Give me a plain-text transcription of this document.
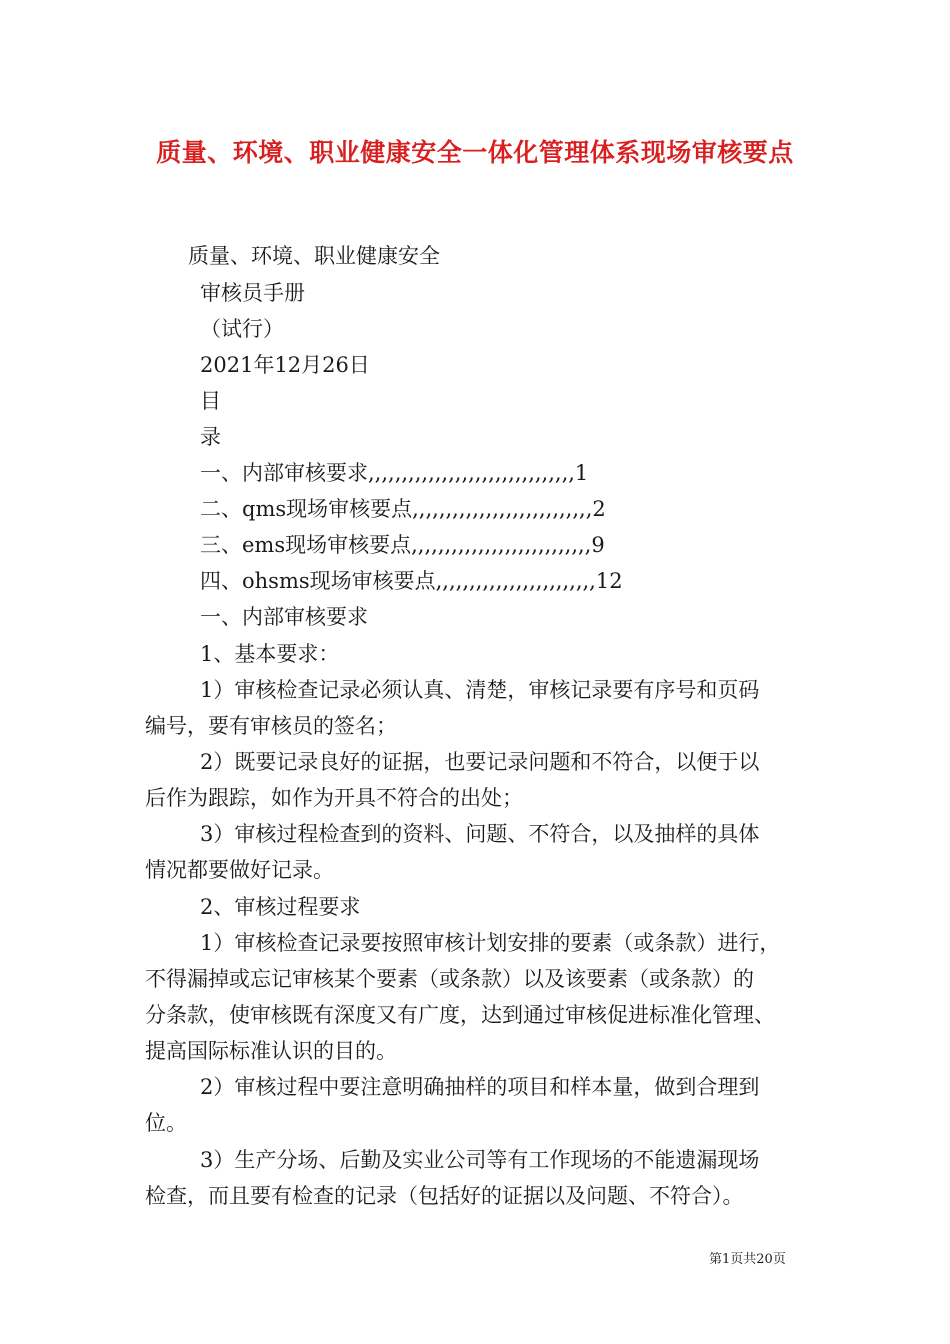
质量、环境、职业健康安全一体化管理体系现场审核要点
质量、环境、职业健康安全
审核员手册
（试行）
2021年12月26日
目
录
一、内部审核要求,,,,,,,,,,,,,,,,,,,,,,,,,,,,,,,1
二、qms现场审核要点,,,,,,,,,,,,,,,,,,,,,,,,,,,2
三、ems现场审核要点,,,,,,,,,,,,,,,,,,,,,,,,,,,9
四、ohsms现场审核要点,,,,,,,,,,,,,,,,,,,,,,,,12
一、内部审核要求
1、基本要求：
1）审核检查记录必须认真、清楚，审核记录要有序号和页码
编号，要有审核员的签名；
2）既要记录良好的证据，也要记录问题和不符合，以便于以
后作为跟踪，如作为开具不符合的出处；
3）审核过程检查到的资料、问题、不符合，以及抽样的具体
情况都要做好记录。
2、审核过程要求
1）审核检查记录要按照审核计划安排的要素（或条款）进行，
不得漏掉或忘记审核某个要素（或条款）以及该要素（或条款）的
分条款，使审核既有深度又有广度，达到通过审核促进标准化管理、
提高国际标准认识的目的。
2）审核过程中要注意明确抽样的项目和样本量，做到合理到
位。
3）生产分场、后勤及实业公司等有工作现场的不能遗漏现场
检查，而且要有检查的记录（包括好的证据以及问题、不符合）。
第1页共20页
